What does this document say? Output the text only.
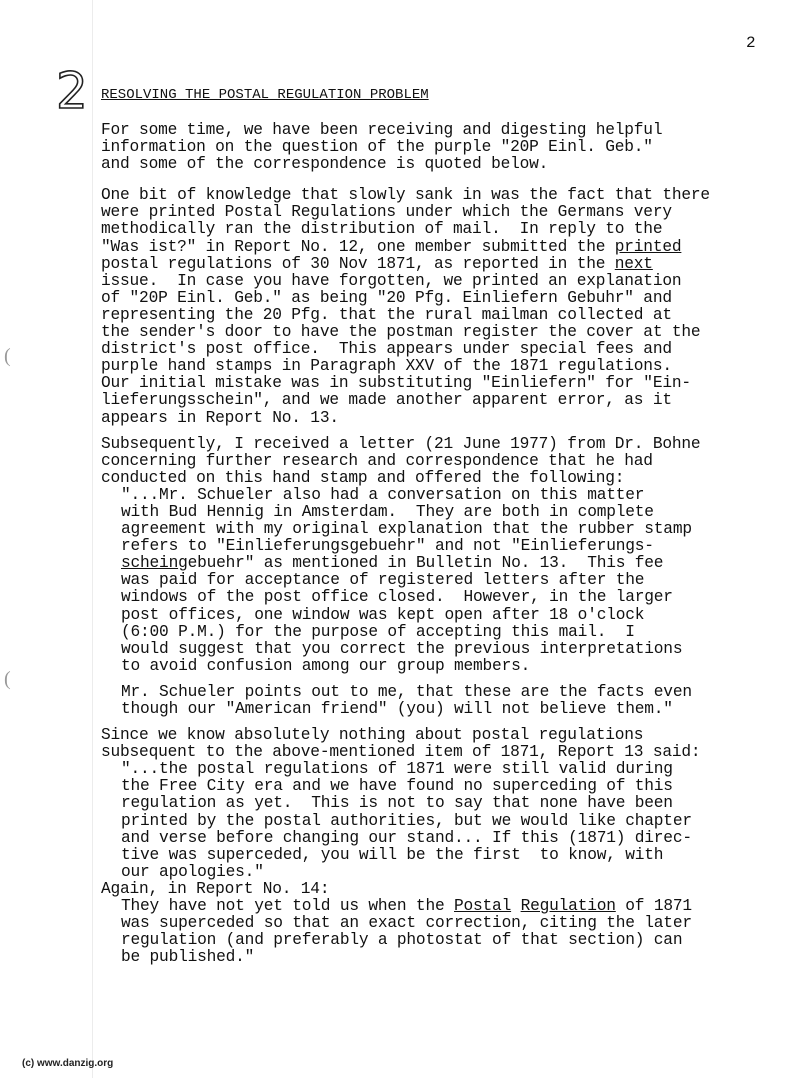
2
2 RESOLVING THE POSTAL REGULATION PROBLEM
(
(
For some time, we have been receiving and digesting helpful
information on the question of the purple "20P Einl. Geb."
and some of the correspondence is quoted below.
One bit of knowledge that slowly sank in was the fact that there
were printed Postal Regulations under which the Germans very
methodically ran the distribution of mail.  In reply to the
"Was ist?" in Report No. 12, one member submitted the printed
postal regulations of 30 Nov 1871, as reported in the next
issue.  In case you have forgotten, we printed an explanation
of "20P Einl. Geb." as being "20 Pfg. Einliefern Gebuhr" and
representing the 20 Pfg. that the rural mailman collected at
the sender's door to have the postman register the cover at the
district's post office.  This appears under special fees and
purple hand stamps in Paragraph XXV of the 1871 regulations.
Our initial mistake was in substituting "Einliefern" for "Ein-
lieferungsschein", and we made another apparent error, as it
appears in Report No. 13.
Subsequently, I received a letter (21 June 1977) from Dr. Bohne
concerning further research and correspondence that he had
conducted on this hand stamp and offered the following:
"...Mr. Schueler also had a conversation on this matter
with Bud Hennig in Amsterdam.  They are both in complete
agreement with my original explanation that the rubber stamp
refers to "Einlieferungsgebuehr" and not "Einlieferungs-
scheingebuehr" as mentioned in Bulletin No. 13.  This fee
was paid for acceptance of registered letters after the
windows of the post office closed.  However, in the larger
post offices, one window was kept open after 18 o'clock
(6:00 P.M.) for the purpose of accepting this mail.  I
would suggest that you correct the previous interpretations
to avoid confusion among our group members.
Mr. Schueler points out to me, that these are the facts even
though our "American friend" (you) will not believe them."
Since we know absolutely nothing about postal regulations
subsequent to the above-mentioned item of 1871, Report 13 said:
"...the postal regulations of 1871 were still valid during
the Free City era and we have found no superceding of this
regulation as yet.  This is not to say that none have been
printed by the postal authorities, but we would like chapter
and verse before changing our stand... If this (1871) direc-
tive was superceded, you will be the first  to know, with
our apologies."
Again, in Report No. 14:
They have not yet told us when the Postal Regulation of 1871
was superceded so that an exact correction, citing the later
regulation (and preferably a photostat of that section) can
be published."
(c) www.danzig.org
